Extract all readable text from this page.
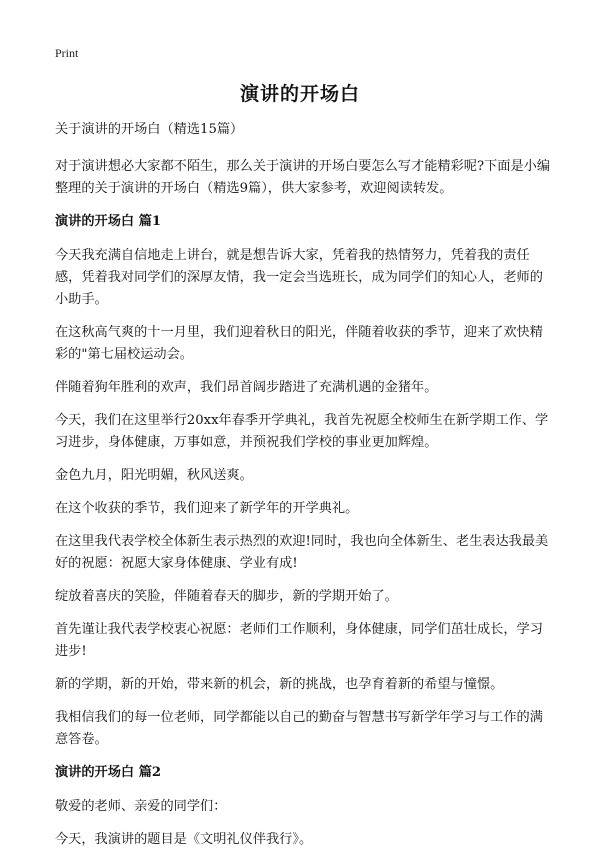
Print
演讲的开场白

关于演讲的开场白（精选15篇）

对于演讲想必大家都不陌生，那么关于演讲的开场白要怎么写才能精彩呢?下面是小编整理的关于演讲的开场白（精选9篇），供大家参考，欢迎阅读转发。

演讲的开场白 篇1

今天我充满自信地走上讲台，就是想告诉大家，凭着我的热情努力，凭着我的责任感，凭着我对同学们的深厚友情，我一定会当选班长，成为同学们的知心人，老师的小助手。

在这秋高气爽的十一月里，我们迎着秋日的阳光，伴随着收获的季节，迎来了欢快精彩的"第七届校运动会。

伴随着狗年胜利的欢声，我们昂首阔步踏进了充满机遇的金猪年。

今天，我们在这里举行20xx年春季开学典礼，我首先祝愿全校师生在新学期工作、学习进步，身体健康，万事如意，并预祝我们学校的事业更加辉煌。

金色九月，阳光明媚，秋风送爽。

在这个收获的季节，我们迎来了新学年的开学典礼。

在这里我代表学校全体新生表示热烈的欢迎!同时，我也向全体新生、老生表达我最美好的祝愿：祝愿大家身体健康、学业有成!

绽放着喜庆的笑脸，伴随着春天的脚步，新的学期开始了。

首先谨让我代表学校衷心祝愿：老师们工作顺利，身体健康，同学们茁壮成长，学习进步!

新的学期，新的开始，带来新的机会，新的挑战，也孕育着新的希望与憧憬。

我相信我们的每一位老师，同学都能以自己的勤奋与智慧书写新学年学习与工作的满意答卷。

演讲的开场白 篇2

敬爱的老师、亲爱的同学们：

今天，我演讲的题目是《文明礼仪伴我行》。
